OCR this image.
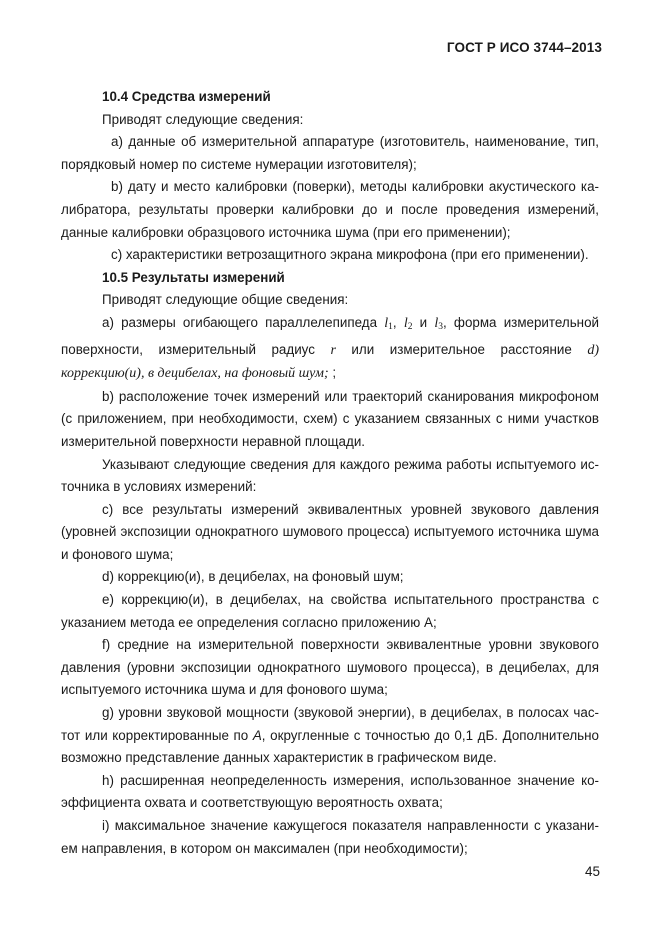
ГОСТ Р ИСО 3744–2013
10.4 Средства измерений
Приводят следующие сведения:
а) данные об измерительной аппаратуре (изготовитель, наименование, тип, порядковый номер по системе нумерации изготовителя);
b) дату и место калибровки (поверки), методы калибровки акустического ка-либратора, результаты проверки калибровки до и после проведения измерений, данные калибровки образцового источника шума (при его применении);
c) характеристики ветрозащитного экрана микрофона (при его применении).
10.5 Результаты измерений
Приводят следующие общие сведения:
a) размеры огибающего параллелепипеда $l_1$, $l_2$ и $l_3$, форма измерительной поверхности, измерительный радиус r или измерительное расстояние d) коррекцию(и), в децибелах, на фоновый шум; ;
b) расположение точек измерений или траекторий сканирования микрофоном (с приложением, при необходимости, схем) с указанием связанных с ними участков измерительной поверхности неравной площади.
Указывают следующие сведения для каждого режима работы испытуемого ис-точника в условиях измерений:
c) все результаты измерений эквивалентных уровней звукового давления (уровней экспозиции однократного шумового процесса) испытуемого источника шума и фонового шума;
d) коррекцию(и), в децибелах, на фоновый шум;
e) коррекцию(и), в децибелах, на свойства испытательного пространства с указанием метода ее определения согласно приложению А;
f) средние на измерительной поверхности эквивалентные уровни звукового давления (уровни экспозиции однократного шумового процесса), в децибелах, для испытуемого источника шума и для фонового шума;
g) уровни звуковой мощности (звуковой энергии), в децибелах, в полосах час-тот или корректированные по А, округленные с точностью до 0,1 дБ. Дополнительно возможно представление данных характеристик в графическом виде.
h) расширенная неопределенность измерения, использованное значение ко-эффициента охвата и соответствующую вероятность охвата;
i) максимальное значение кажущегося показателя направленности с указани-ем направления, в котором он максимален (при необходимости);
45
